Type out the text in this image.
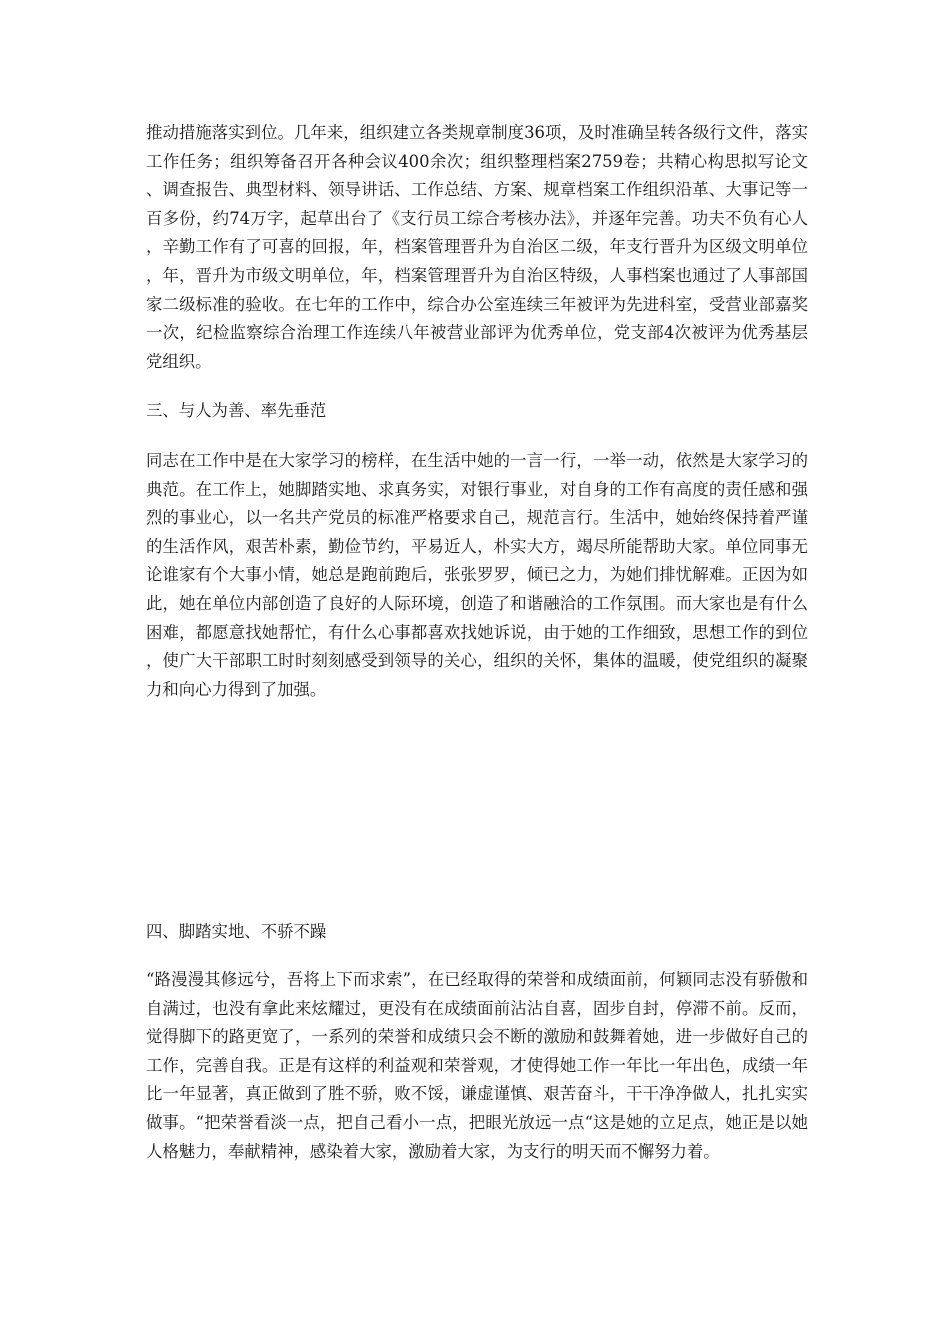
推动措施落实到位。几年来，组织建立各类规章制度36项，及时准确呈转各级行文件，落实工作任务；组织筹备召开各种会议400余次；组织整理档案2759卷；共精心构思拟写论文、调查报告、典型材料、领导讲话、工作总结、方案、规章档案工作组织沿革、大事记等一百多份，约74万字，起草出台了《支行员工综合考核办法》，并逐年完善。功夫不负有心人，辛勤工作有了可喜的回报，年，档案管理晋升为自治区二级，年支行晋升为区级文明单位，年，晋升为市级文明单位，年，档案管理晋升为自治区特级，人事档案也通过了人事部国家二级标准的验收。在七年的工作中，综合办公室连续三年被评为先进科室，受营业部嘉奖一次，纪检监察综合治理工作连续八年被营业部评为优秀单位，党支部4次被评为优秀基层党组织。

三、与人为善、率先垂范

同志在工作中是在大家学习的榜样，在生活中她的一言一行，一举一动，依然是大家学习的典范。在工作上，她脚踏实地、求真务实，对银行事业，对自身的工作有高度的责任感和强烈的事业心，以一名共产党员的标准严格要求自己，规范言行。生活中，她始终保持着严谨的生活作风，艰苦朴素，勤俭节约，平易近人，朴实大方，竭尽所能帮助大家。单位同事无论谁家有个大事小情，她总是跑前跑后，张张罗罗，倾已之力，为她们排忧解难。正因为如此，她在单位内部创造了良好的人际环境，创造了和谐融洽的工作氛围。而大家也是有什么困难，都愿意找她帮忙，有什么心事都喜欢找她诉说，由于她的工作细致，思想工作的到位，使广大干部职工时时刻刻感受到领导的关心，组织的关怀，集体的温暖，使党组织的凝聚力和向心力得到了加强。

四、脚踏实地、不骄不躁

“路漫漫其修远兮，吾将上下而求索”，在已经取得的荣誉和成绩面前，何颖同志没有骄傲和自满过，也没有拿此来炫耀过，更没有在成绩面前沾沾自喜，固步自封，停滞不前。反而，觉得脚下的路更宽了，一系列的荣誉和成绩只会不断的激励和鼓舞着她，进一步做好自己的工作，完善自我。正是有这样的利益观和荣誉观，才使得她工作一年比一年出色，成绩一年比一年显著，真正做到了胜不骄，败不馁，谦虚谨慎、艰苦奋斗，干干净净做人，扎扎实实做事。“把荣誉看淡一点，把自己看小一点，把眼光放远一点“这是她的立足点，她正是以她人格魅力，奉献精神，感染着大家，激励着大家，为支行的明天而不懈努力着。
